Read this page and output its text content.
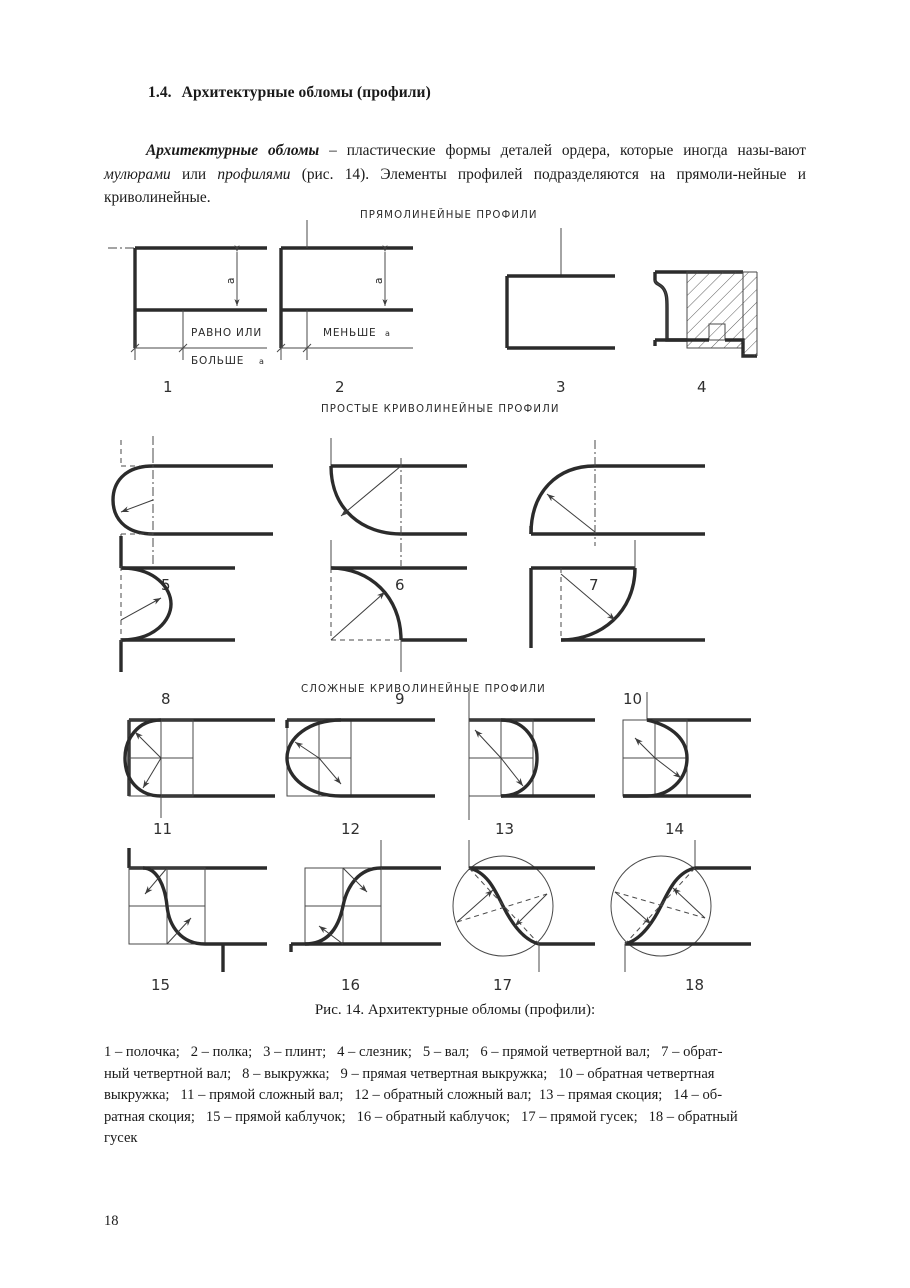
1.4. Архитектурные обломы (профили)

Архитектурные обломы – пластические формы деталей ордера, которые иногда назы-вают мулюрами или профилями (рис. 14). Элементы профилей подразделяются на прямоли-нейные и криволинейные.

ПРЯМОЛИНЕЙНЫЕ ПРОФИЛИ
а
РАВНО ИЛИ
БОЛЬШЕ а
1
а
МЕНЬШЕ а
2	3	4
ПРОСТЫЕ КРИВОЛИНЕЙНЫЕ ПРОФИЛИ
5	6	7
8	9	10
СЛОЖНЫЕ КРИВОЛИНЕЙНЫЕ ПРОФИЛИ
11	12	13	14
15	16	17	18
Рис. 14. Архитектурные обломы (профили):
1 – полочка;   2 – полка;   3 – плинт;   4 – слезник;   5 – вал;   6 – прямой четвертной вал;   7 – обрат-
ный четвертной вал;   8 – выкружка;   9 – прямая четвертная выкружка;   10 – обратная четвертная
выкружка;   11 – прямой сложный вал;   12 – обратный сложный вал;  13 – прямая скоция;   14 – об-
ратная скоция;   15 – прямой каблучок;   16 – обратный каблучок;   17 – прямой гусек;   18 – обратный
гусек
18
